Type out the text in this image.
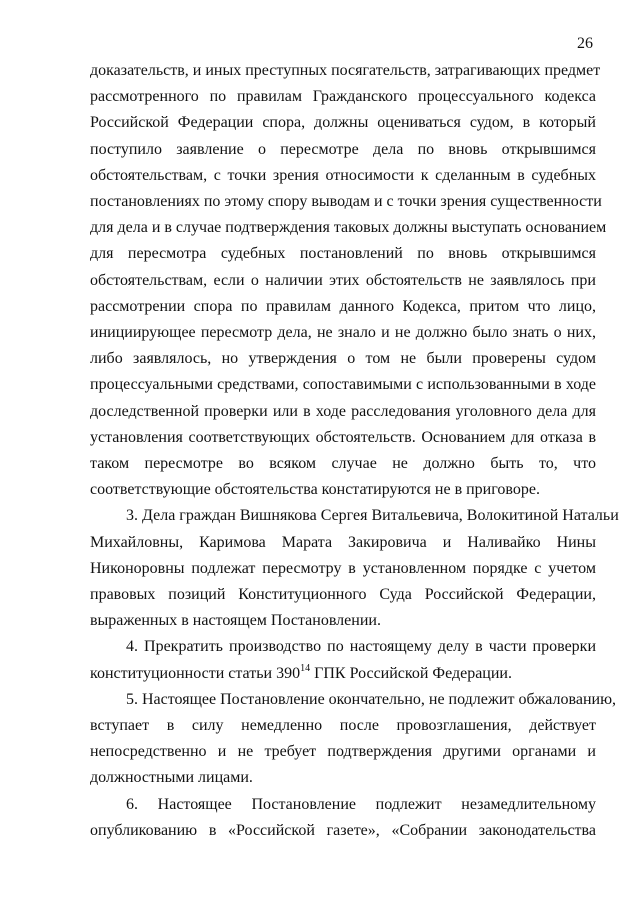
26
доказательств, и иных преступных посягательств, затрагивающих предмет
рассмотренного по правилам Гражданского процессуального кодекса
Российской Федерации спора, должны оцениваться судом, в который
поступило заявление о пересмотре дела по вновь открывшимся
обстоятельствам, с точки зрения относимости к сделанным в судебных
постановлениях по этому спору выводам и с точки зрения существенности
для дела и в случае подтверждения таковых должны выступать основанием
для пересмотра судебных постановлений по вновь открывшимся
обстоятельствам, если о наличии этих обстоятельств не заявлялось при
рассмотрении спора по правилам данного Кодекса, притом что лицо,
инициирующее пересмотр дела, не знало и не должно было знать о них,
либо заявлялось, но утверждения о том не были проверены судом
процессуальными средствами, сопоставимыми с использованными в ходе
доследственной проверки или в ходе расследования уголовного дела для
установления соответствующих обстоятельств. Основанием для отказа в
таком пересмотре во всяком случае не должно быть то, что
соответствующие обстоятельства констатируются не в приговоре.
3. Дела граждан Вишнякова Сергея Витальевича, Волокитиной Натальи
Михайловны, Каримова Марата Закировича и Наливайко Нины
Никоноровны подлежат пересмотру в установленном порядке с учетом
правовых позиций Конституционного Суда Российской Федерации,
выраженных в настоящем Постановлении.
4. Прекратить производство по настоящему делу в части проверки
конституционности статьи $390^{14}$ ГПК Российской Федерации.
5. Настоящее Постановление окончательно, не подлежит обжалованию,
вступает в силу немедленно после провозглашения, действует
непосредственно и не требует подтверждения другими органами и
должностными лицами.
6. Настоящее Постановление подлежит незамедлительному
опубликованию в «Российской газете», «Собрании законодательства
